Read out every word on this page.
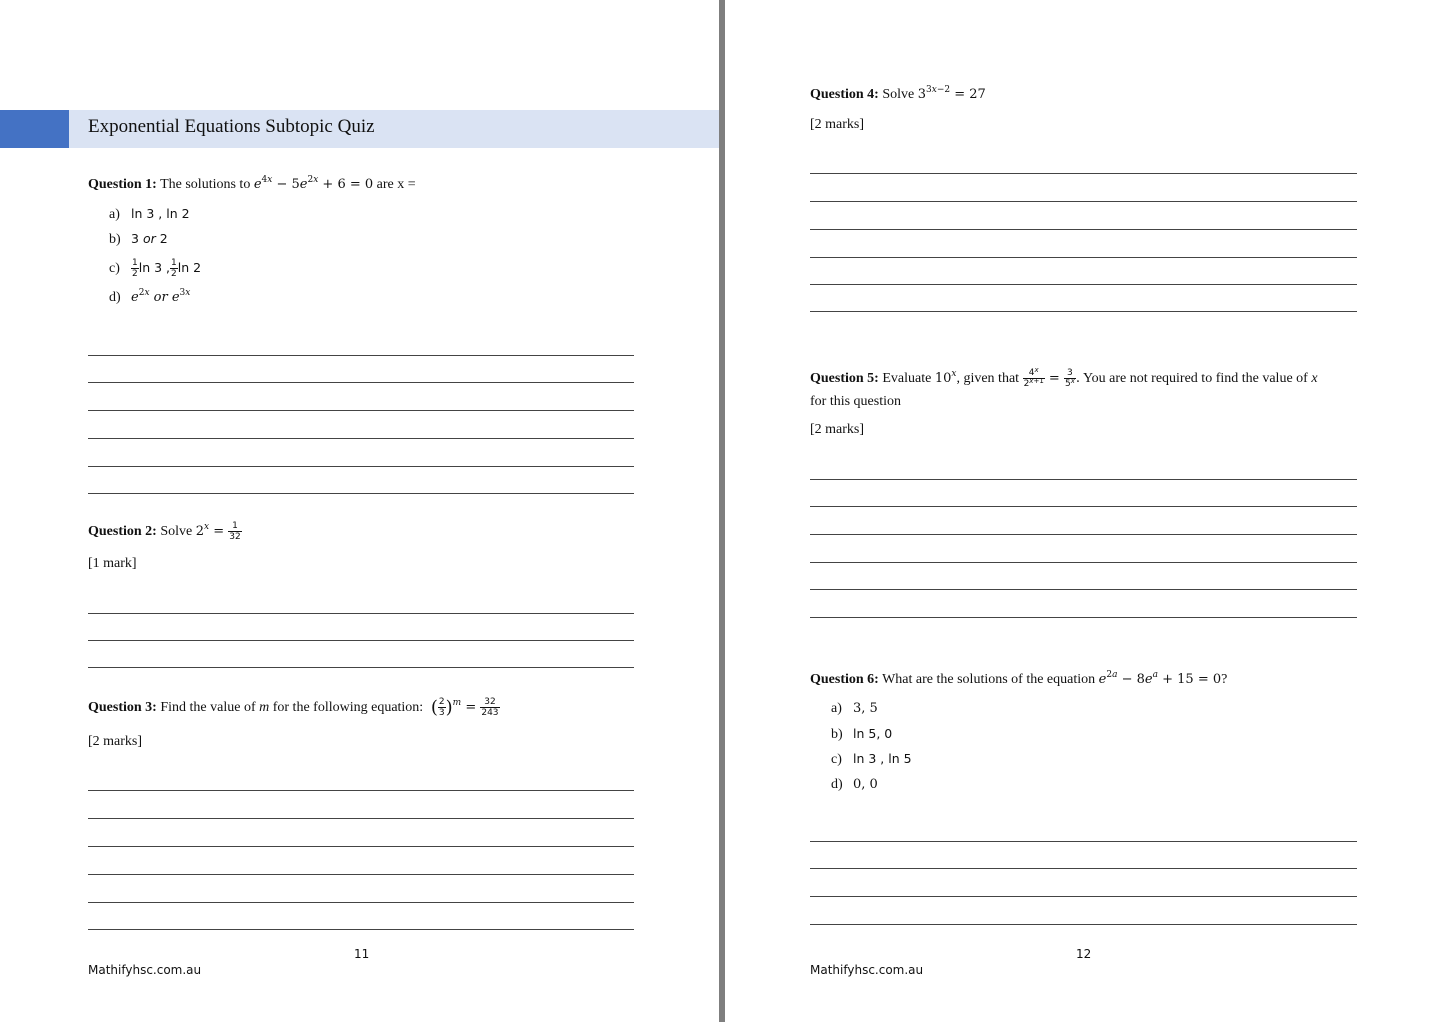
Exponential Equations Subtopic Quiz
Question 1: The solutions to $e^{4x} - 5e^{2x} + 6 = 0$ are x =
a) ln 3 , ln 2
b) 3 or 2
$c) \frac{1}{2}$ ln 3 , $\frac{1}{2}$ ln 2
d) $e^{2x}$ or $e^{3x}$
Question 2: Solve $2^x = \frac{1}{32}$
[1 mark]
Question 3: Find the value of m for the following equation: ( $\frac{2}{3} )^m = \frac{32}{243}$
[2 marks]
11
Mathifyhsc.com.au
Question 4: Solve $3^{3x-2} = 27$
[2 marks]
Question 5: Evaluate 10$^x$, given that $\frac{4^x}{2^{x+1}} = \frac{3}{5^x}$ . You are not required to find the value of x
for this question
[2 marks]
Question 6: What are the solutions of the equation $e^{2a} - 8e^a + 15 = 0$?
a) 3, 5
b) ln 5, 0
c) ln 3 , ln 5
d) 0, 0
12
Mathifyhsc.com.au
